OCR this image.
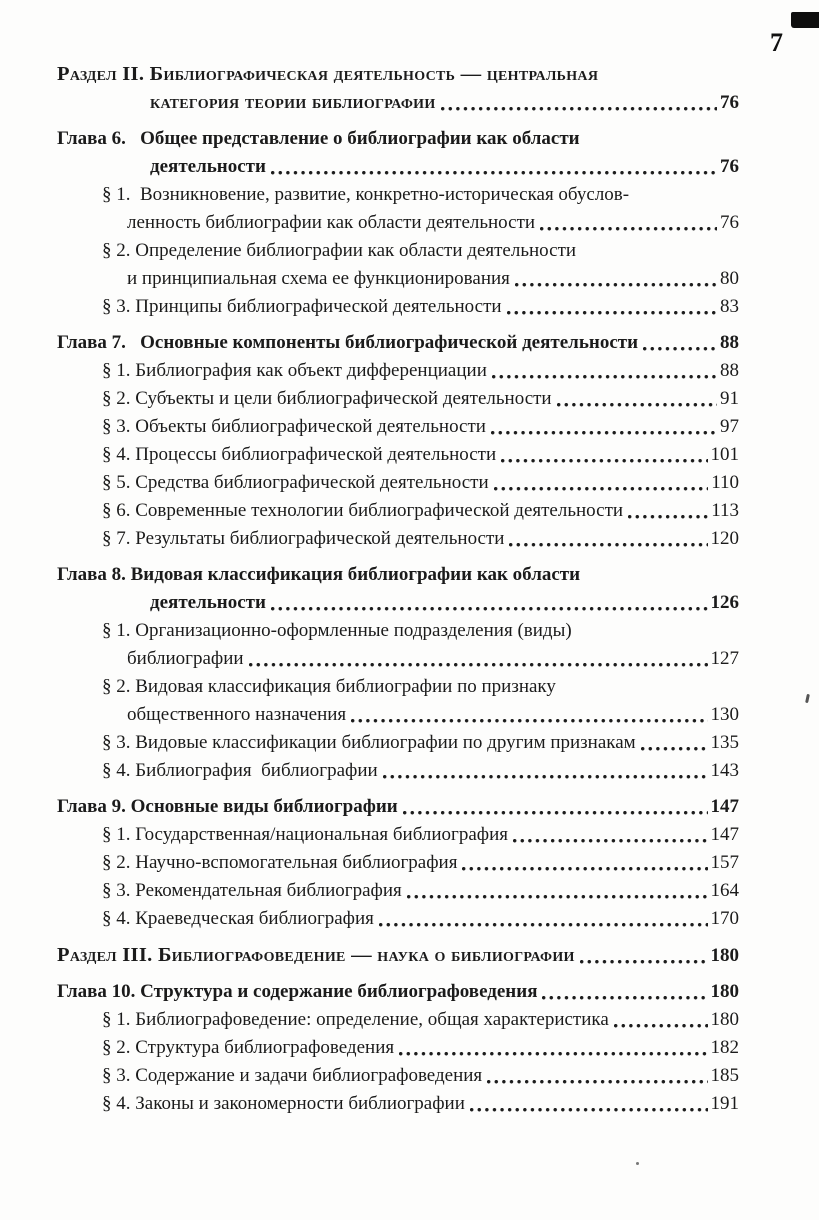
7
Раздел II. Библиографическая деятельность — центральная
категория теории библиографии	76
Глава 6.   Общее представление о библиографии как области
деятельности	76
§ 1.  Возникновение, развитие, конкретно-историческая обуслов-
ленность библиографии как области деятельности	76
§ 2. Определение библиографии как области деятельности
и принципиальная схема ее функционирования	80
§ 3. Принципы библиографической деятельности	83
Глава 7.   Основные компоненты библиографической деятельности	88
§ 1. Библиография как объект дифференциации	88
§ 2. Субъекты и цели библиографической деятельности	91
§ 3. Объекты библиографической деятельности	97
§ 4. Процессы библиографической деятельности	101
§ 5. Средства библиографической деятельности	110
§ 6. Современные технологии библиографической деятельности	113
§ 7. Результаты библиографической деятельности	120
Глава 8. Видовая классификация библиографии как области
деятельности	126
§ 1. Организационно-оформленные подразделения (виды)
библиографии	127
§ 2. Видовая классификация библиографии по признаку
общественного назначения	130
§ 3. Видовые классификации библиографии по другим признакам	135
§ 4. Библиография  библиографии	143
Глава 9. Основные виды библиографии	147
§ 1. Государственная/национальная библиография	147
§ 2. Научно-вспомогательная библиография	157
§ 3. Рекомендательная библиография	164
§ 4. Краеведческая библиография	170
Раздел III. Библиографоведение — наука о библиографии	180
Глава 10. Структура и содержание библиографоведения	180
§ 1. Библиографоведение: определение, общая характеристика	180
§ 2. Структура библиографоведения	182
§ 3. Содержание и задачи библиографоведения	185
§ 4. Законы и закономерности библиографии	191
